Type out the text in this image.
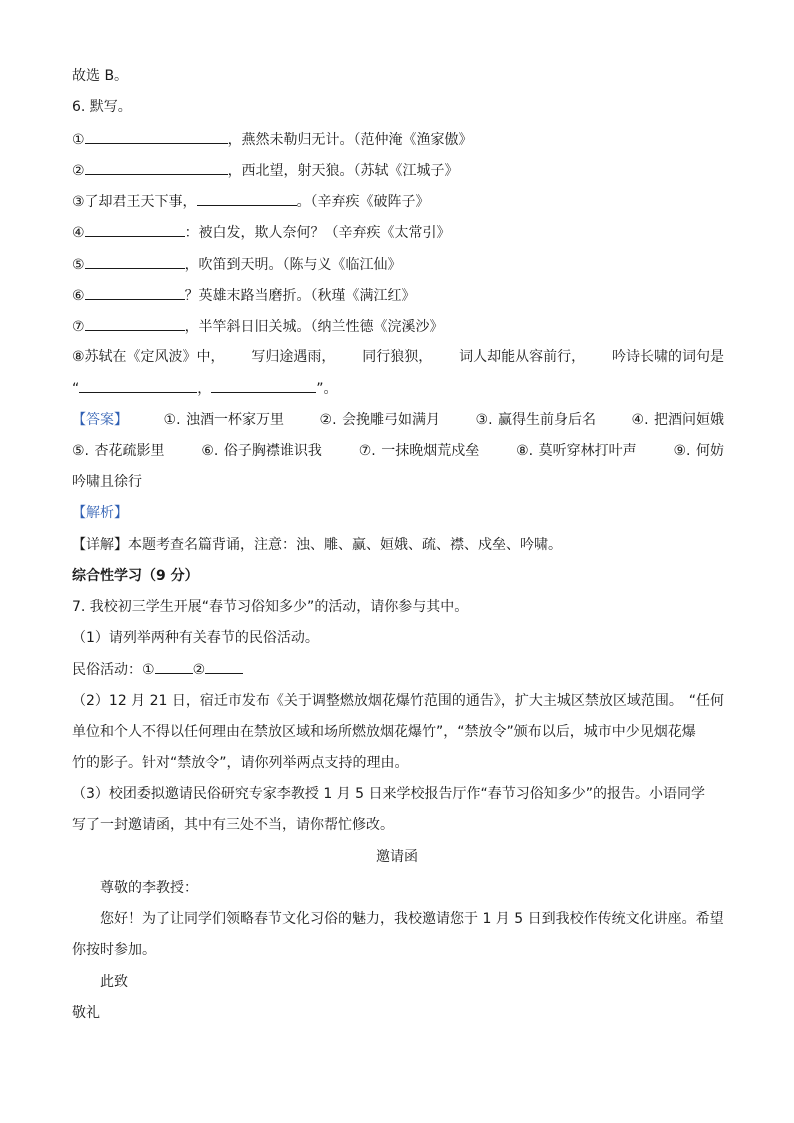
故选 B。
6. 默写。
①	，燕然未勒归无计。（范仲淹《渔家傲》
②	，西北望，射天狼。（苏轼《江城子》
③了却君王天下事，	。（辛弃疾《破阵子》
④	：被白发，欺人奈何？（辛弃疾《太常引》
⑤	，吹笛到天明。（陈与义《临江仙》
⑥	？英雄末路当磨折。（秋瑾《满江红》
⑦	，半竿斜日旧关城。（纳兰性德《浣溪沙》
⑧苏轼在《定风波》中， 写归途遇雨， 同行狼狈， 词人却能从容前行， 吟诗长啸的词句是
“	，	”。
【答案】	①. 浊酒一杯家万里	②. 会挽雕弓如满月	③. 赢得生前身后名	④. 把酒问姮娥
⑤. 杏花疏影里	⑥. 俗子胸襟谁识我	⑦. 一抹晚烟荒戍垒	⑧. 莫听穿林打叶声	⑨. 何妨
吟啸且徐行
【解析】
【详解】本题考查名篇背诵，注意：浊、雕、赢、姮娥、疏、襟、戍垒、吟啸。
综合性学习（9 分）
7. 我校初三学生开展“春节习俗知多少”的活动，请你参与其中。
（1）请列举两种有关春节的民俗活动。
民俗活动：①	②
（2）12 月 21 日，宿迁市发布《关于调整燃放烟花爆竹范围的通告》，扩大主城区禁放区域范围。 “任何
单位和个人不得以任何理由在禁放区域和场所燃放烟花爆竹”，“禁放令”颁布以后，城市中少见烟花爆
竹的影子。针对“禁放令”，请你列举两点支持的理由。
（3）校团委拟邀请民俗研究专家李教授 1 月 5 日来学校报告厅作“春节习俗知多少”的报告。小语同学
写了一封邀请函，其中有三处不当，请你帮忙修改。
邀请函
尊敬的李教授：
您好！为了让同学们领略春节文化习俗的魅力，我校邀请您于 1 月 5 日到我校作传统文化讲座。希望
你按时参加。
此致
敬礼
